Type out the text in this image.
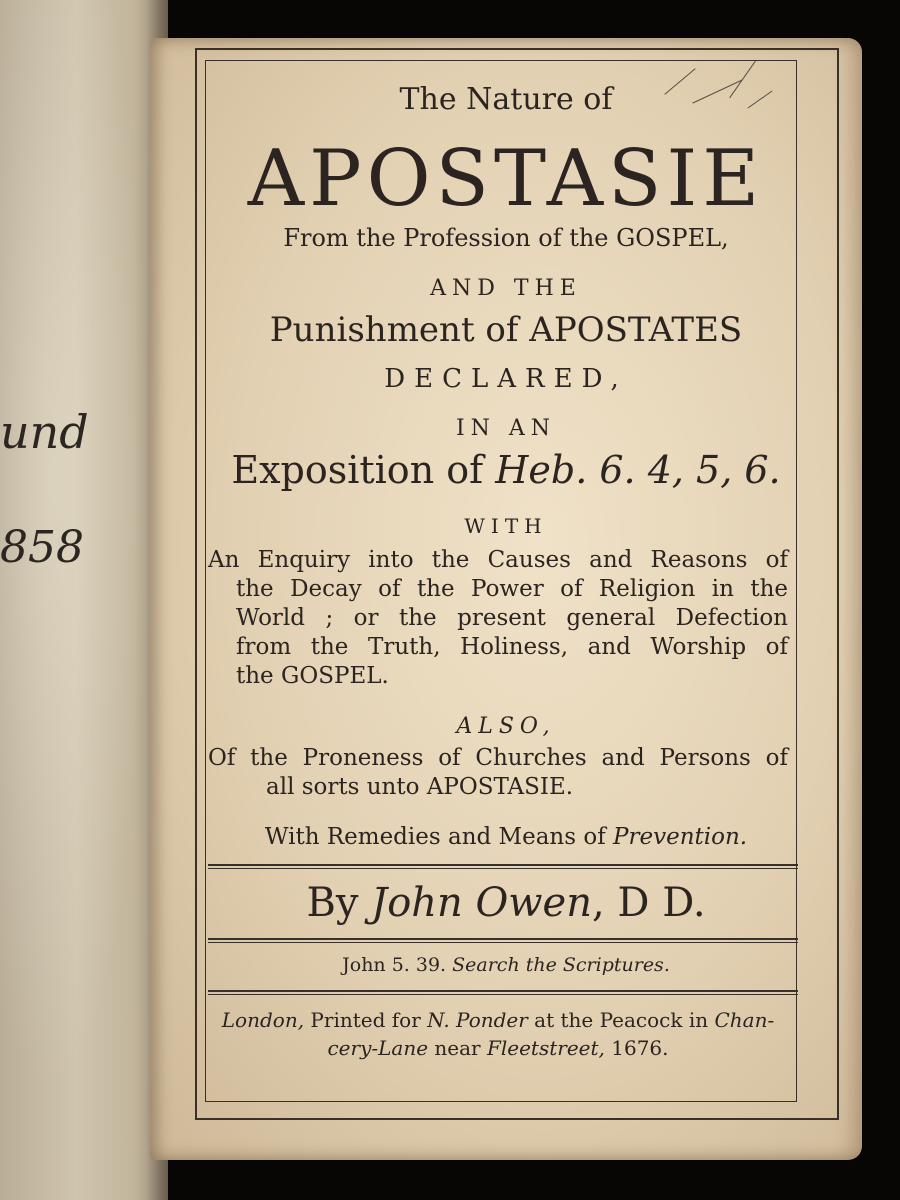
und
858
The Nature of
APOSTASIE
From the Profession of the GOSPEL,
AND THE
Punishment of APOSTATES
DECLARED,
IN AN
Exposition of Heb. 6. 4, 5, 6.
WITH
An Enquiry into the Causes and Reasons of
the Decay of the Power of Religion in the
World ; or the present general Defection
from the Truth, Holiness, and Worship of
the GOSPEL.
ALSO,
Of the Proneness of Churches and Persons of
all sorts unto APOSTASIE.
With Remedies and Means of Prevention.
By John Owen, D D.
John 5. 39. Search the Scriptures.
London, Printed for N. Ponder at the Peacock in Chan-
cery-Lane near Fleetstreet, 1676.
